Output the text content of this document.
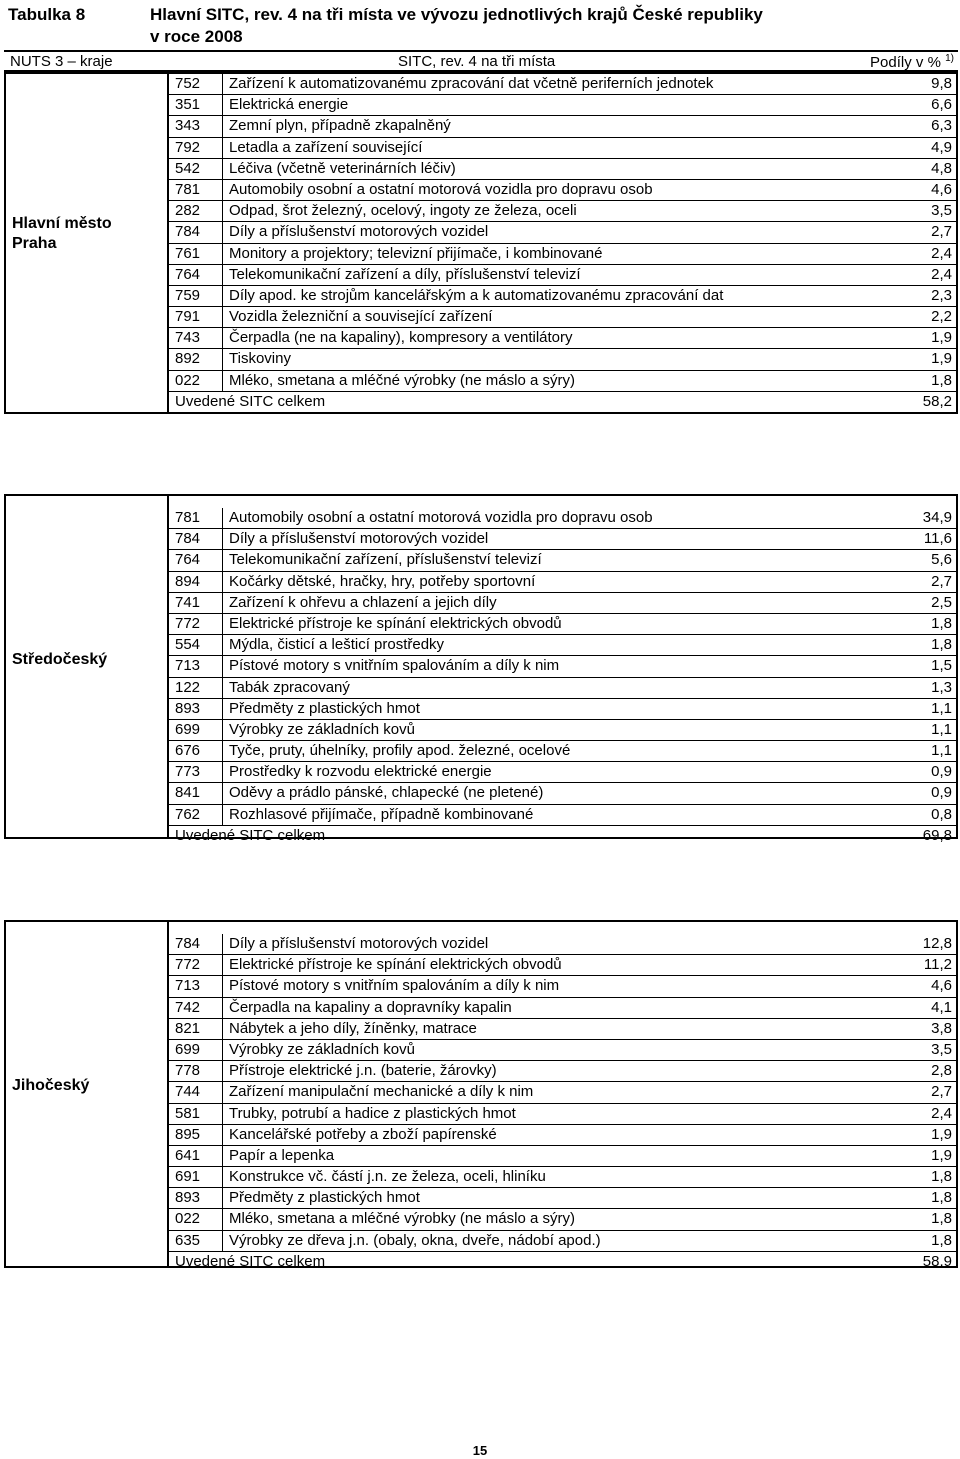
Tabulka 8	Hlavní SITC, rev. 4 na tři místa ve vývozu jednotlivých krajů České republiky
v roce 2008
NUTS 3 – kraje	SITC, rev. 4 na tři místa	Podíly v % $^{1)}$
Hlavní město
Praha
752	Zařízení k automatizovanému zpracování dat včetně periferních jednotek	9,8
351	Elektrická energie	6,6
343	Zemní plyn, případně zkapalněný	6,3
792	Letadla a zařízení související	4,9
542	Léčiva (včetně veterinárních léčiv)	4,8
781	Automobily osobní a ostatní motorová vozidla pro dopravu osob	4,6
282	Odpad, šrot železný, ocelový, ingoty ze železa, oceli	3,5
784	Díly a příslušenství motorových vozidel	2,7
761	Monitory a projektory; televizní přijímače, i kombinované	2,4
764	Telekomunikační zařízení a díly, příslušenství televizí	2,4
759	Díly apod. ke strojům kancelářským a k automatizovanému zpracování dat	2,3
791	Vozidla železniční a související zařízení	2,2
743	Čerpadla (ne na kapaliny), kompresory a ventilátory	1,9
892	Tiskoviny	1,9
022	Mléko, smetana a mléčné výrobky (ne máslo a sýry)	1,8
Uvedené SITC celkem	58,2
Středočeský
781	Automobily osobní a ostatní motorová vozidla pro dopravu osob	34,9
784	Díly a příslušenství motorových vozidel	11,6
764	Telekomunikační zařízení, příslušenství televizí	5,6
894	Kočárky dětské, hračky, hry, potřeby sportovní	2,7
741	Zařízení k ohřevu a chlazení a jejich díly	2,5
772	Elektrické přístroje ke spínání elektrických obvodů	1,8
554	Mýdla, čisticí a lešticí prostředky	1,8
713	Pístové motory s vnitřním spalováním a díly k nim	1,5
122	Tabák zpracovaný	1,3
893	Předměty z plastických hmot	1,1
699	Výrobky ze základních kovů	1,1
676	Tyče, pruty, úhelníky, profily apod. železné, ocelové	1,1
773	Prostředky k rozvodu elektrické energie	0,9
841	Oděvy a prádlo pánské, chlapecké (ne pletené)	0,9
762	Rozhlasové přijímače, případně kombinované	0,8
Uvedené SITC celkem	69,8
Jihočeský
784	Díly a příslušenství motorových vozidel	12,8
772	Elektrické přístroje ke spínání elektrických obvodů	11,2
713	Pístové motory s vnitřním spalováním a díly k nim	4,6
742	Čerpadla na kapaliny a dopravníky kapalin	4,1
821	Nábytek a jeho díly, žíněnky, matrace	3,8
699	Výrobky ze základních kovů	3,5
778	Přístroje elektrické j.n. (baterie, žárovky)	2,8
744	Zařízení manipulační mechanické a díly k nim	2,7
581	Trubky, potrubí a hadice z plastických hmot	2,4
895	Kancelářské potřeby a zboží papírenské	1,9
641	Papír a lepenka	1,9
691	Konstrukce vč. částí j.n. ze železa, oceli, hliníku	1,8
893	Předměty z plastických hmot	1,8
022	Mléko, smetana a mléčné výrobky (ne máslo a sýry)	1,8
635	Výrobky ze dřeva j.n. (obaly, okna, dveře, nádobí apod.)	1,8
Uvedené SITC celkem	58,9
15
